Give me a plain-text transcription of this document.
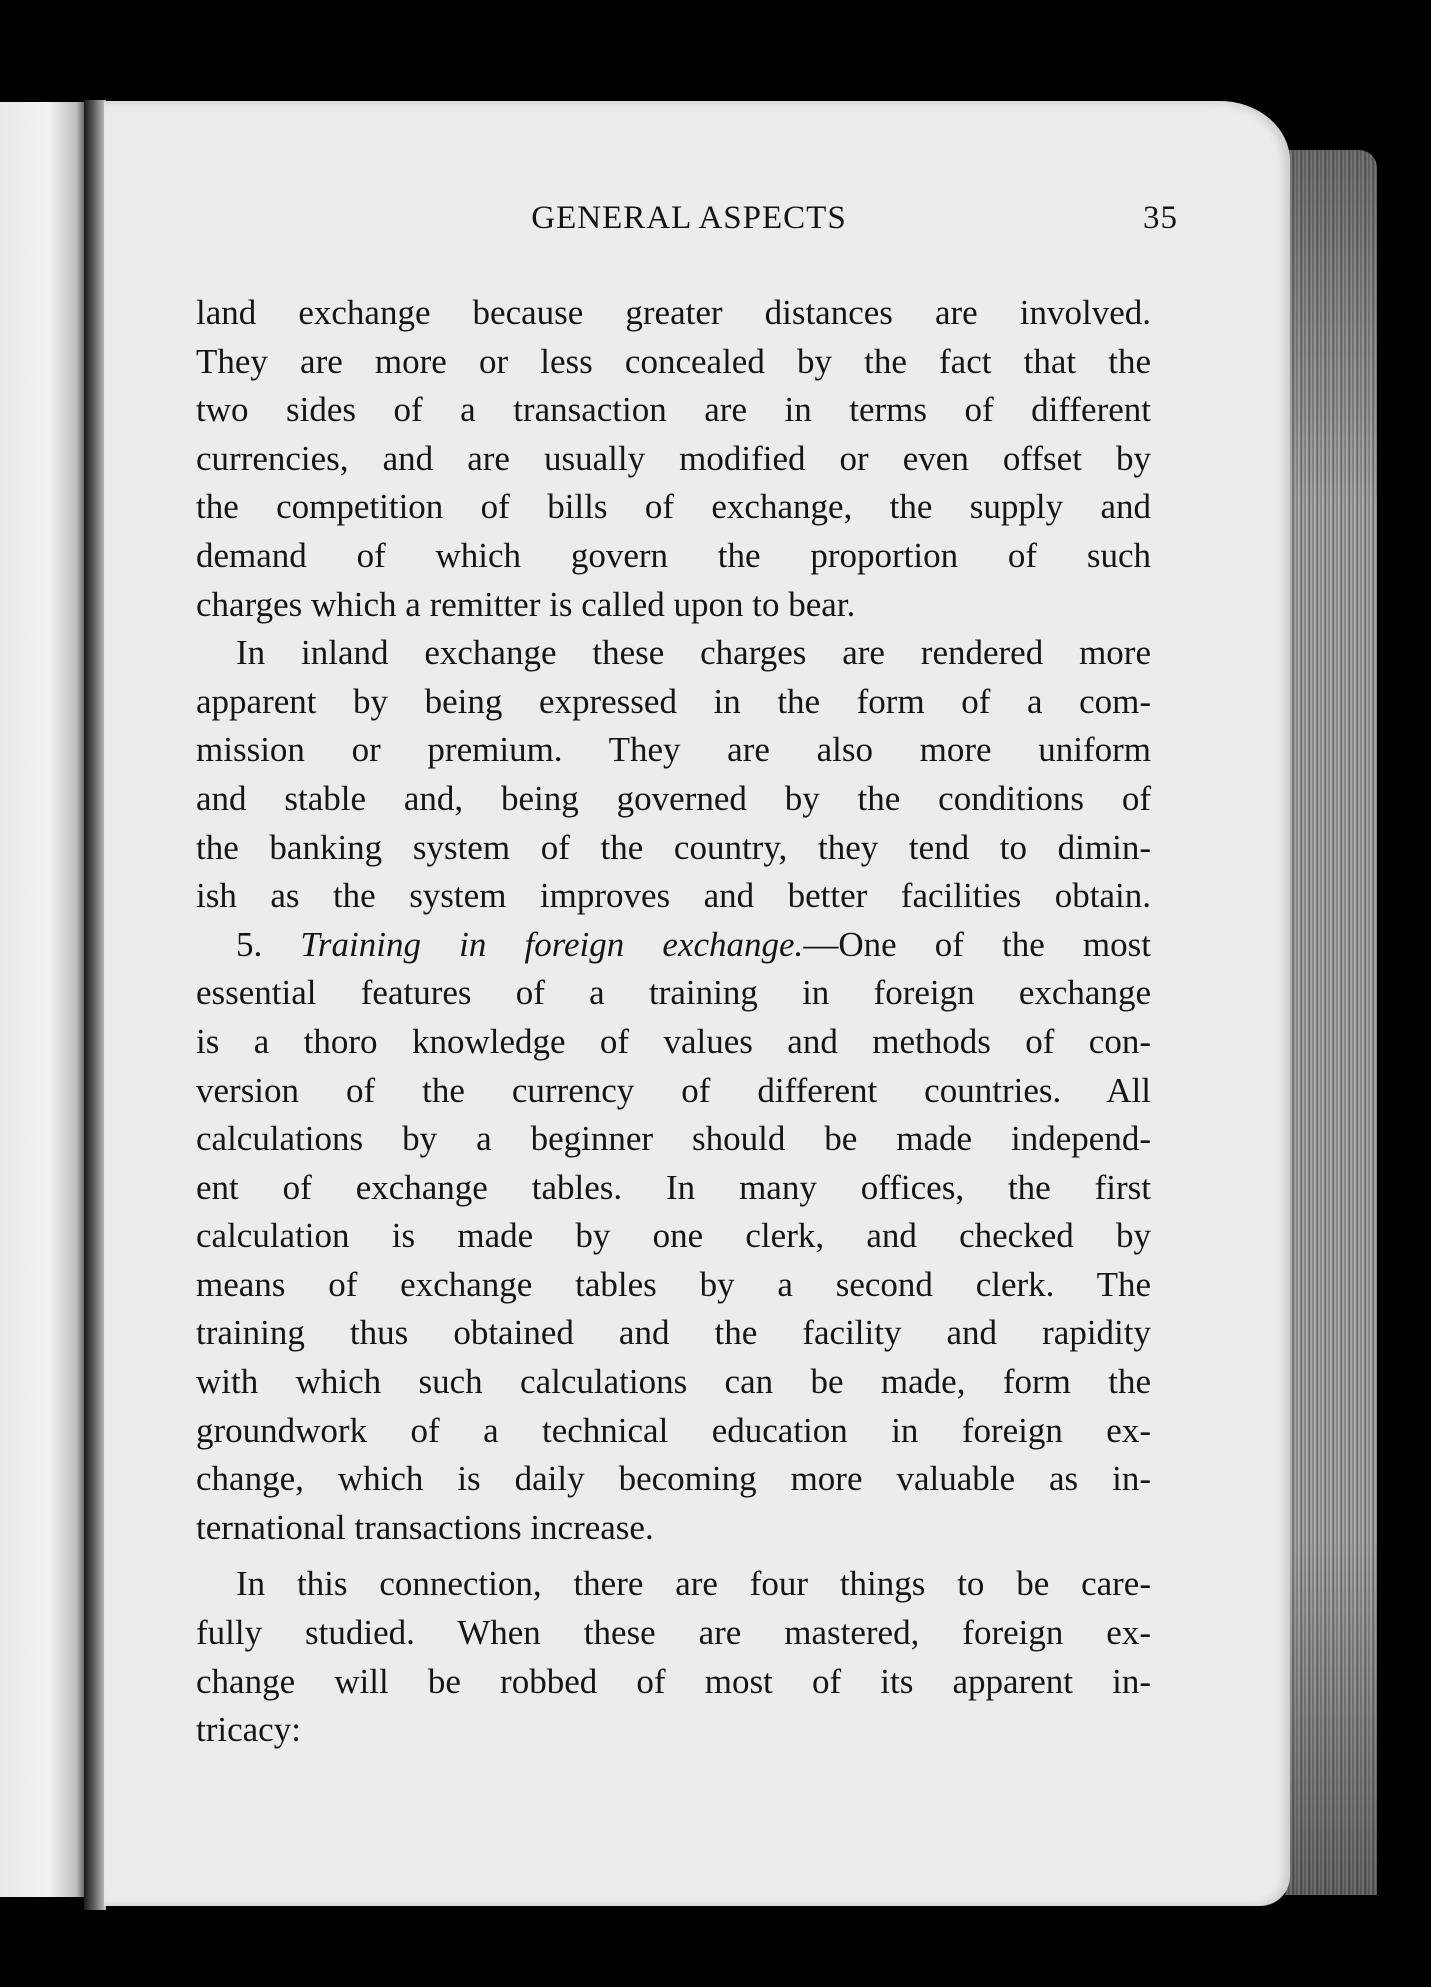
GENERAL ASPECTS	35
land exchange because greater distances are involved.
They are more or less concealed by the fact that the
two sides of a transaction are in terms of different
currencies, and are usually modified or even offset by
the competition of bills of exchange, the supply and
demand of which govern the proportion of such
charges which a remitter is called upon to bear.
In inland exchange these charges are rendered more
apparent by being expressed in the form of a com-
mission or premium. They are also more uniform
and stable and, being governed by the conditions of
the banking system of the country, they tend to dimin-
ish as the system improves and better facilities obtain.
5. Training in foreign exchange.—One of the most
essential features of a training in foreign exchange
is a thoro knowledge of values and methods of con-
version of the currency of different countries. All
calculations by a beginner should be made independ-
ent of exchange tables. In many offices, the first
calculation is made by one clerk, and checked by
means of exchange tables by a second clerk. The
training thus obtained and the facility and rapidity
with which such calculations can be made, form the
groundwork of a technical education in foreign ex-
change, which is daily becoming more valuable as in-
ternational transactions increase.
In this connection, there are four things to be care-
fully studied. When these are mastered, foreign ex-
change will be robbed of most of its apparent in-
tricacy:
